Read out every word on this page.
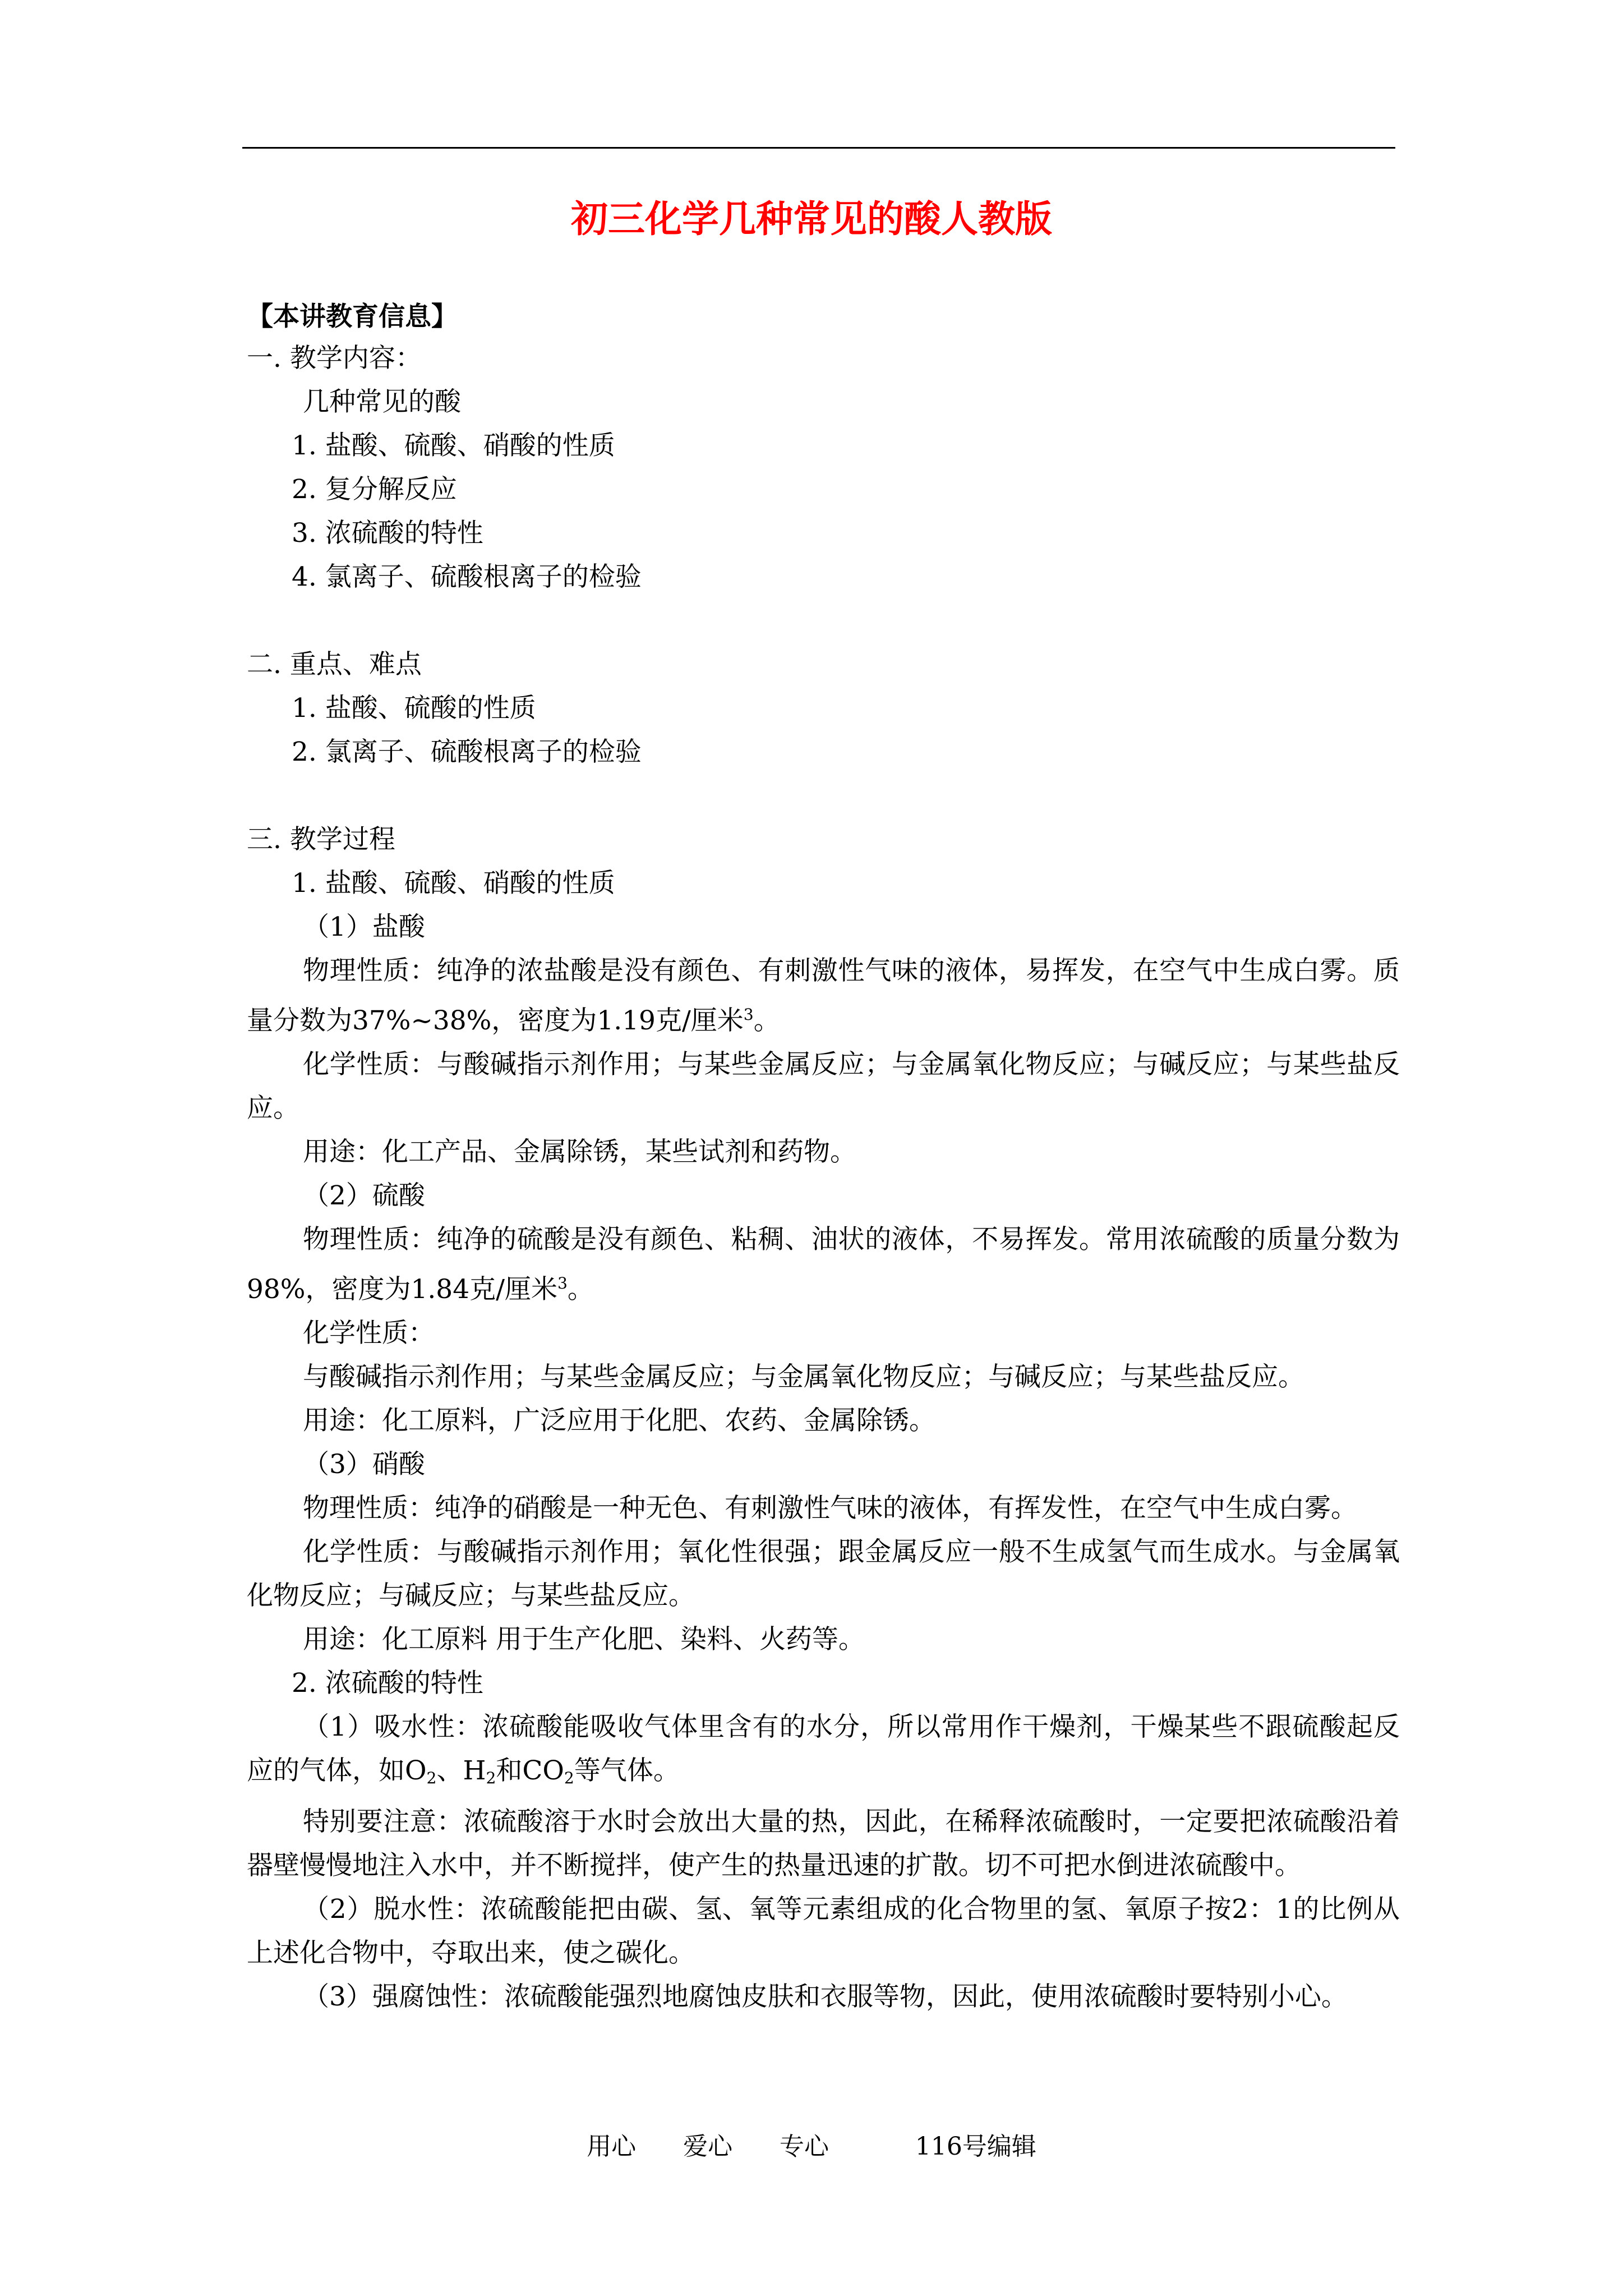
初三化学几种常见的酸人教版
【本讲教育信息】
一. 教学内容：
几种常见的酸
1. 盐酸、硫酸、硝酸的性质
2. 复分解反应
3. 浓硫酸的特性
4. 氯离子、硫酸根离子的检验
二. 重点、难点
1. 盐酸、硫酸的性质
2. 氯离子、硫酸根离子的检验
三. 教学过程
1. 盐酸、硫酸、硝酸的性质
（1）盐酸
物理性质：纯净的浓盐酸是没有颜色、有刺激性气味的液体，易挥发，在空气中生成白雾。质量分数为37%~38%，密度为1.19克/厘米$^3$。
化学性质：与酸碱指示剂作用；与某些金属反应；与金属氧化物反应；与碱反应；与某些盐反应。
用途：化工产品、金属除锈，某些试剂和药物。
（2）硫酸
物理性质：纯净的硫酸是没有颜色、粘稠、油状的液体，不易挥发。常用浓硫酸的质量分数为98%，密度为1.84克/厘米$^3$。
化学性质：
与酸碱指示剂作用；与某些金属反应；与金属氧化物反应；与碱反应；与某些盐反应。
用途：化工原料，广泛应用于化肥、农药、金属除锈。
（3）硝酸
物理性质：纯净的硝酸是一种无色、有刺激性气味的液体，有挥发性，在空气中生成白雾。
化学性质：与酸碱指示剂作用；氧化性很强；跟金属反应一般不生成氢气而生成水。与金属氧化物反应；与碱反应；与某些盐反应。
用途：化工原料 用于生产化肥、染料、火药等。
2. 浓硫酸的特性
（1）吸水性：浓硫酸能吸收气体里含有的水分，所以常用作干燥剂，干燥某些不跟硫酸起反应的气体，如$O_2$、$H_2$和$CO_2$等气体。
特别要注意：浓硫酸溶于水时会放出大量的热，因此，在稀释浓硫酸时，一定要把浓硫酸沿着器壁慢慢地注入水中，并不断搅拌，使产生的热量迅速的扩散。切不可把水倒进浓硫酸中。
（2）脱水性：浓硫酸能把由碳、氢、氧等元素组成的化合物里的氢、氧原子按2：1的比例从上述化合物中，夺取出来，使之碳化。
（3）强腐蚀性：浓硫酸能强烈地腐蚀皮肤和衣服等物，因此，使用浓硫酸时要特别小心。
用心      爱心      专心           116号编辑
